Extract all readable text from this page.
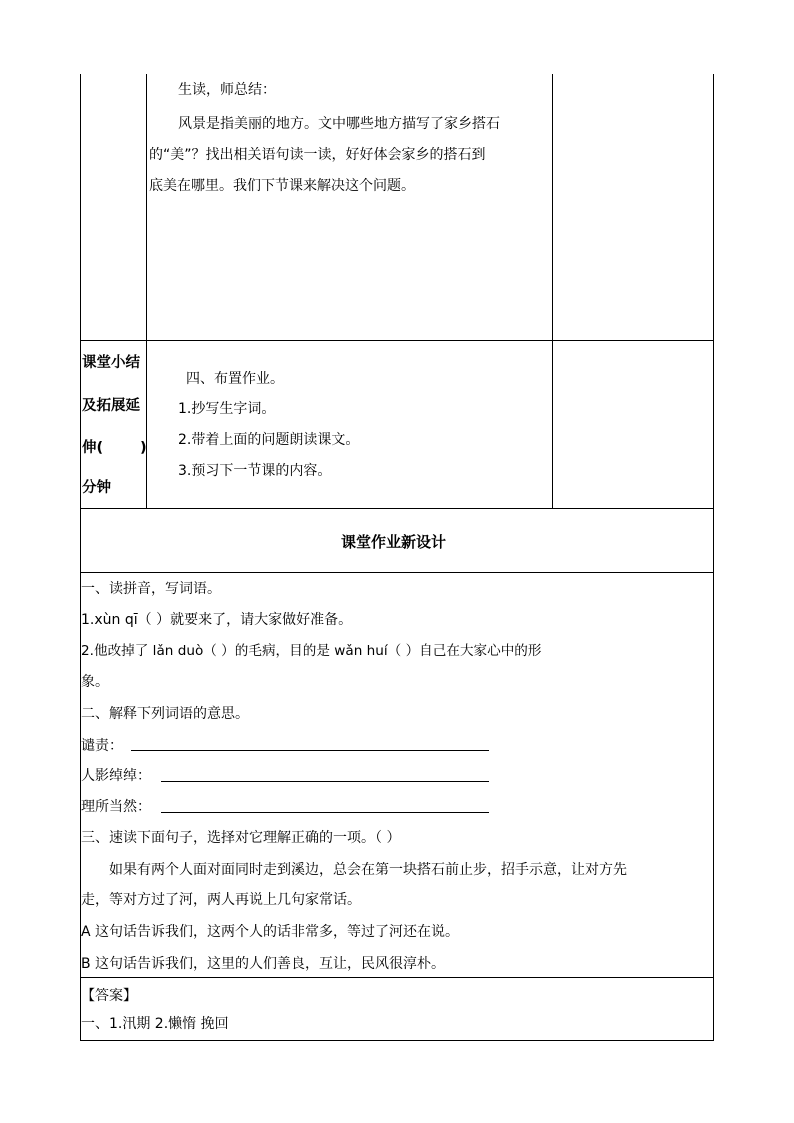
生读，师总结：
风景是指美丽的地方。文中哪些地方描写了家乡搭石
的“美”？找出相关语句读一读，好好体会家乡的搭石到
底美在哪里。我们下节课来解决这个问题。
课堂小结
及拓展延
伸(	)
分钟
四、布置作业。
1.抄写生字词。
2.带着上面的问题朗读课文。
3.预习下一节课的内容。
课堂作业新设计
一、读拼音，写词语。
1.xùn qī（ ）就要来了，请大家做好准备。
2.他改掉了 lǎn duò（ ）的毛病，目的是 wǎn huí（ ）自己在大家心中的形
象。
二、解释下列词语的意思。
谴责：
人影绰绰：
理所当然：
三、速读下面句子，选择对它理解正确的一项。（ ）
如果有两个人面对面同时走到溪边，总会在第一块搭石前止步，招手示意，让对方先
走，等对方过了河，两人再说上几句家常话。
A 这句话告诉我们，这两个人的话非常多，等过了河还在说。
B 这句话告诉我们，这里的人们善良，互让，民风很淳朴。
【答案】
一、1.汛期 2.懒惰 挽回
